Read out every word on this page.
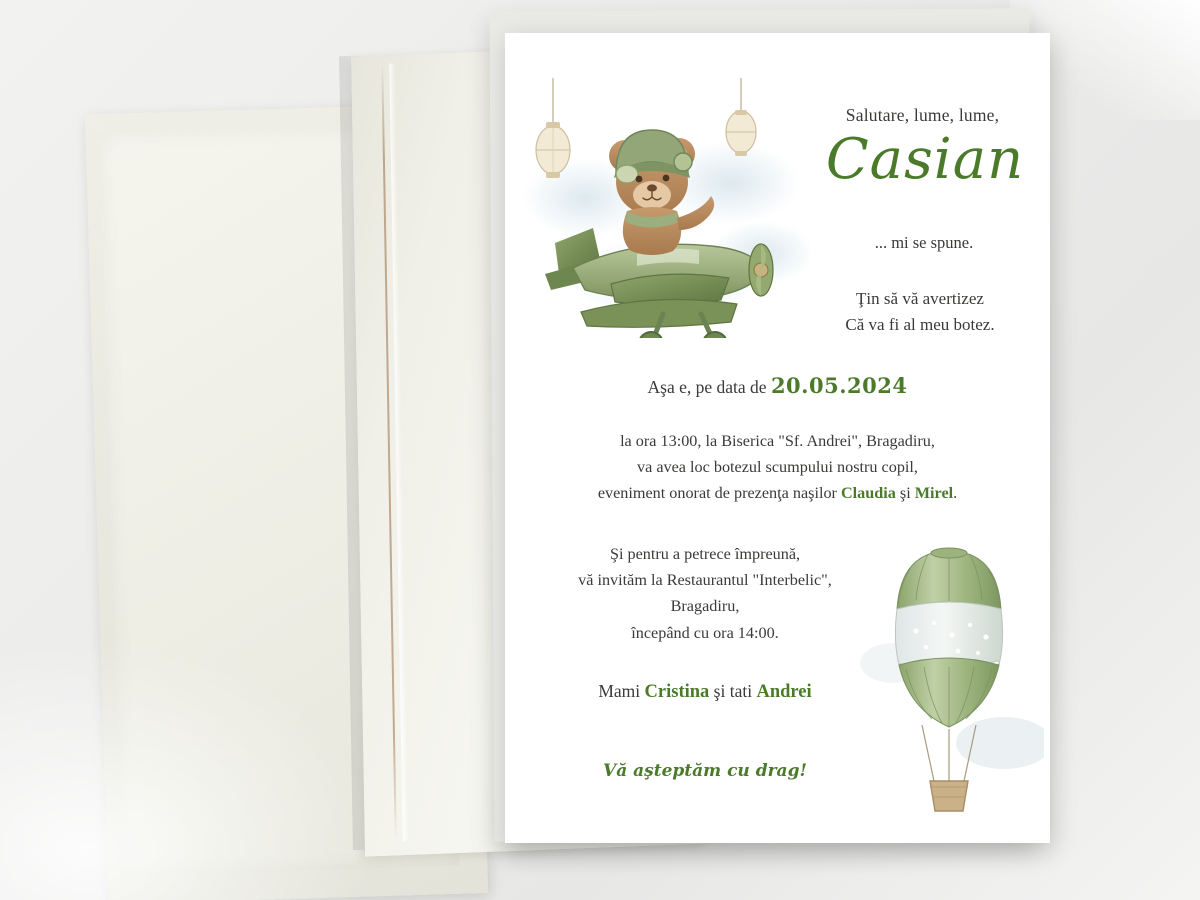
Salutare, lume, lume,
Casian
... mi se spune.
Ţin să vă avertizez
Că va fi al meu botez.
Aşa e, pe data de 20.05.2024
la ora 13:00, la Biserica "Sf. Andrei", Bragadiru,
va avea loc botezul scumpului nostru copil,
eveniment onorat de prezenţa naşilor Claudia şi Mirel.
Şi pentru a petrece împreună,
vă invităm la Restaurantul "Interbelic",
Bragadiru,
începând cu ora 14:00.
Mami Cristina şi tati Andrei
Vă aşteptăm cu drag!
